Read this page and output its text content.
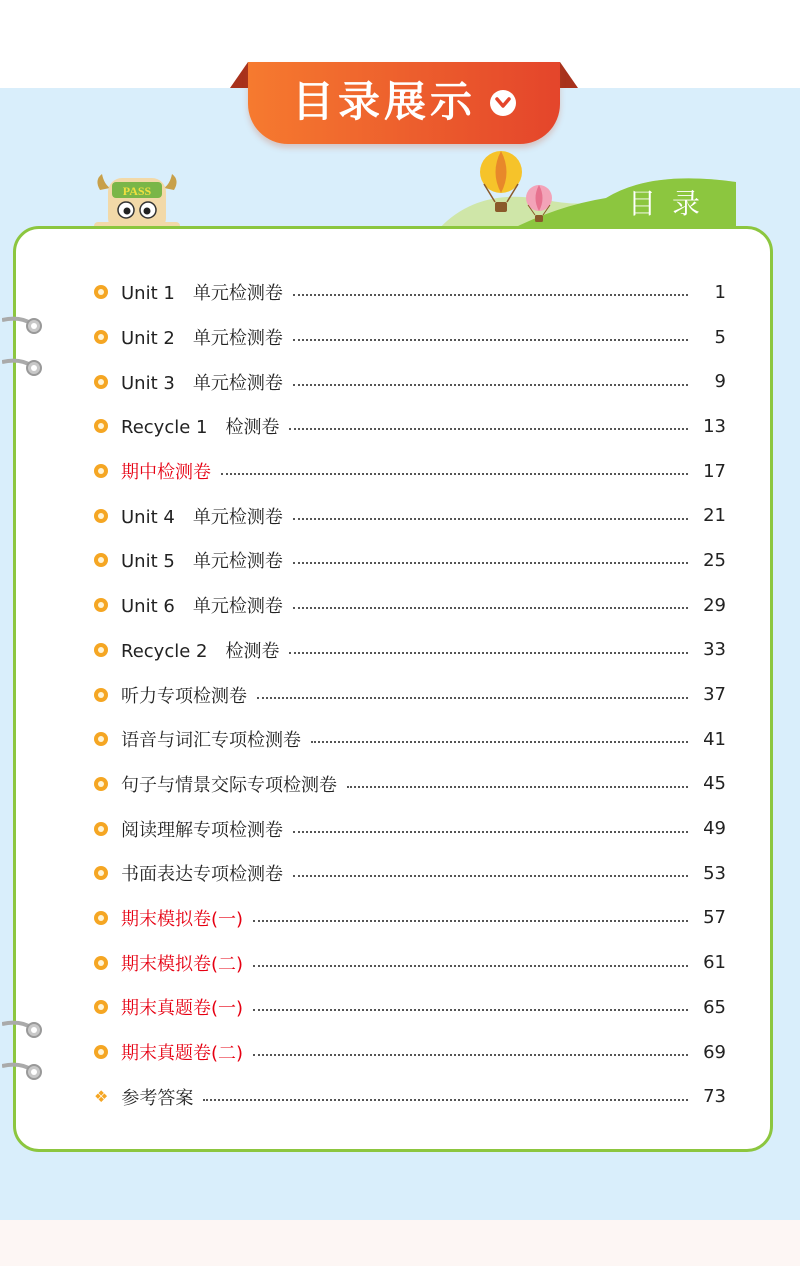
目录展示
PASS	目录
Unit 1　单元检测卷	1
Unit 2　单元检测卷	5
Unit 3　单元检测卷	9
Recycle 1　检测卷	13
期中检测卷	17
Unit 4　单元检测卷	21
Unit 5　单元检测卷	25
Unit 6　单元检测卷	29
Recycle 2　检测卷	33
听力专项检测卷	37
语音与词汇专项检测卷	41
句子与情景交际专项检测卷	45
阅读理解专项检测卷	49
书面表达专项检测卷	53
期末模拟卷(一)	57
期末模拟卷(二)	61
期末真题卷(一)	65
期末真题卷(二)	69
❖ 参考答案	73
